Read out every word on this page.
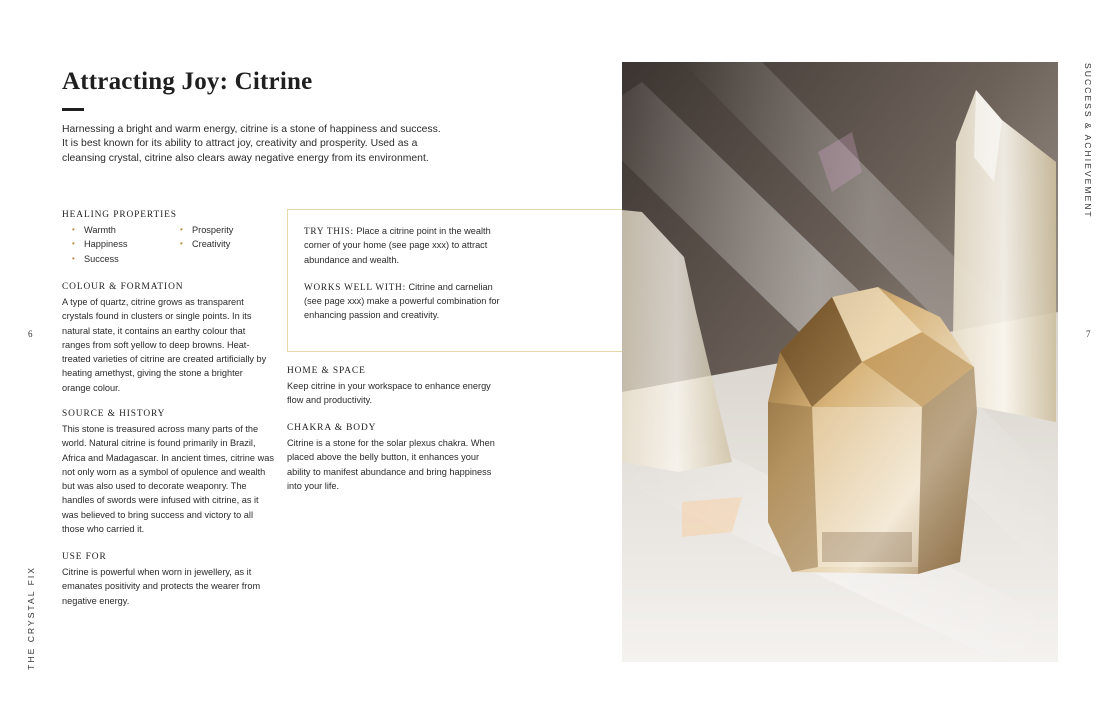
Attracting Joy: Citrine

Harnessing a bright and warm energy, citrine is a stone of happiness and success. It is best known for its ability to attract joy, creativity and prosperity. Used as a cleansing crystal, citrine also clears away negative energy from its environment.

HEALING PROPERTIES
• Warmth	• Prosperity
• Happiness	• Creativity
• Success
COLOUR & FORMATION

A type of quartz, citrine grows as transparent crystals found in clusters or single points. In its natural state, it contains an earthy colour that ranges from soft yellow to deep browns. Heat-treated varieties of citrine are created artificially by heating amethyst, giving the stone a brighter orange colour.

SOURCE & HISTORY

This stone is treasured across many parts of the world. Natural citrine is found primarily in Brazil, Africa and Madagascar. In ancient times, citrine was not only worn as a symbol of opulence and wealth but was also used to decorate weaponry. The handles of swords were infused with citrine, as it was believed to bring success and victory to all those who carried it.

USE FOR

Citrine is powerful when worn in jewellery, as it emanates positivity and protects the wearer from negative energy.

TRY THIS: Place a citrine point in the wealth corner of your home (see page xxx) to attract abundance and wealth.

WORKS WELL WITH: Citrine and carnelian (see page xxx) make a powerful combination for enhancing passion and creativity.

HOME & SPACE

Keep citrine in your workspace to enhance energy flow and productivity.

CHAKRA & BODY

Citrine is a stone for the solar plexus chakra. When placed above the belly button, it enhances your ability to manifest abundance and bring happiness into your life.

6	7
SUCCESS & ACHIEVEMENT
THE CRYSTAL FIX
